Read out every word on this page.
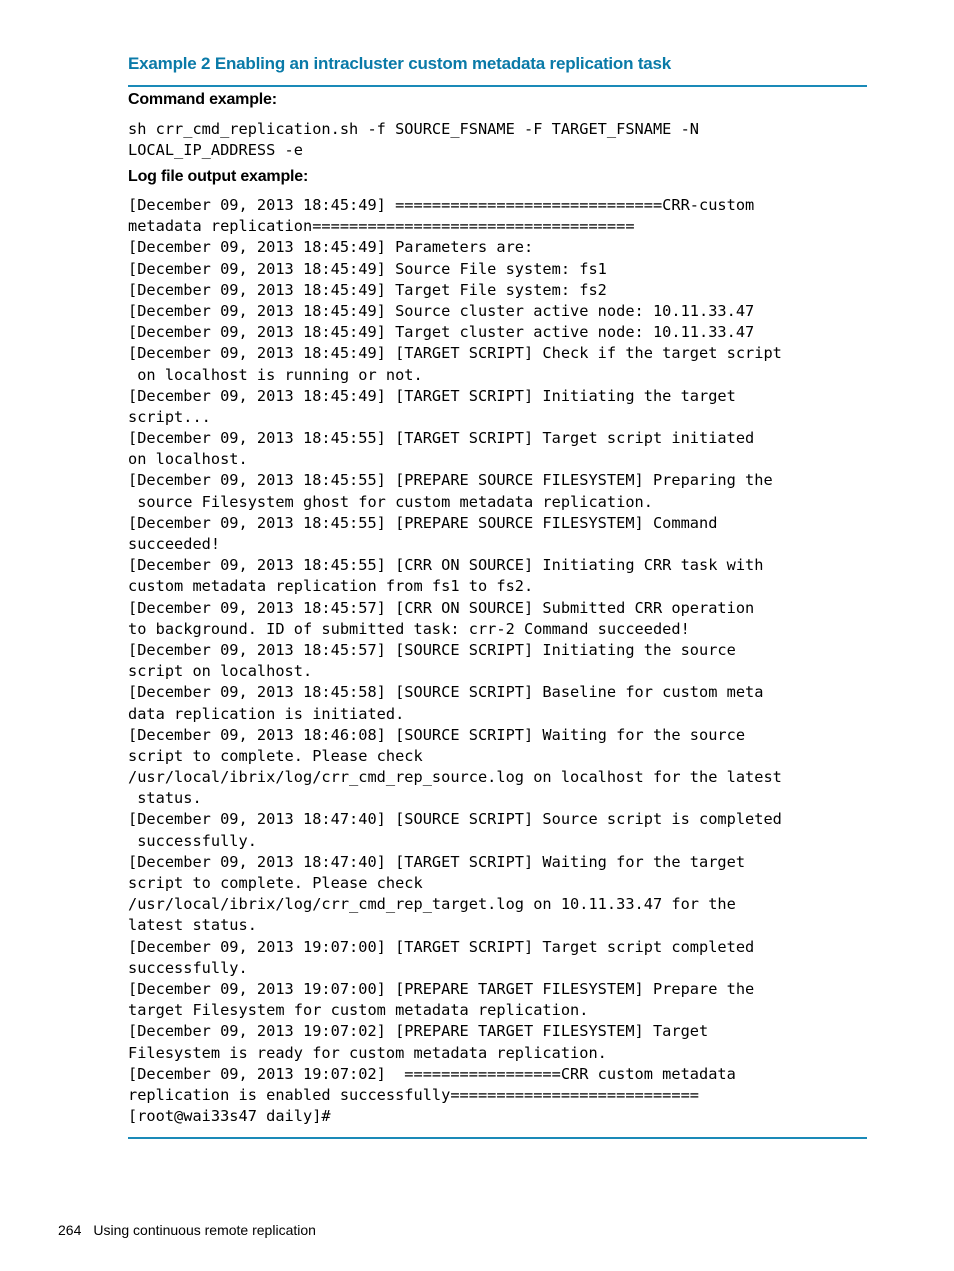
Example 2 Enabling an intracluster custom metadata replication task
Command example:
sh crr_cmd_replication.sh -f SOURCE_FSNAME -F TARGET_FSNAME -N
LOCAL_IP_ADDRESS -e
Log file output example:
[December 09, 2013 18:45:49] =============================CRR-custom
metadata replication===================================
[December 09, 2013 18:45:49] Parameters are:
[December 09, 2013 18:45:49] Source File system: fs1
[December 09, 2013 18:45:49] Target File system: fs2
[December 09, 2013 18:45:49] Source cluster active node: 10.11.33.47
[December 09, 2013 18:45:49] Target cluster active node: 10.11.33.47
[December 09, 2013 18:45:49] [TARGET SCRIPT] Check if the target script
on localhost is running or not.
[December 09, 2013 18:45:49] [TARGET SCRIPT] Initiating the target
script...
[December 09, 2013 18:45:55] [TARGET SCRIPT] Target script initiated
on localhost.
[December 09, 2013 18:45:55] [PREPARE SOURCE FILESYSTEM] Preparing the
source Filesystem ghost for custom metadata replication.
[December 09, 2013 18:45:55] [PREPARE SOURCE FILESYSTEM] Command
succeeded!
[December 09, 2013 18:45:55] [CRR ON SOURCE] Initiating CRR task with
custom metadata replication from fs1 to fs2.
[December 09, 2013 18:45:57] [CRR ON SOURCE] Submitted CRR operation
to background. ID of submitted task: crr-2 Command succeeded!
[December 09, 2013 18:45:57] [SOURCE SCRIPT] Initiating the source
script on localhost.
[December 09, 2013 18:45:58] [SOURCE SCRIPT] Baseline for custom meta
data replication is initiated.
[December 09, 2013 18:46:08] [SOURCE SCRIPT] Waiting for the source
script to complete. Please check
/usr/local/ibrix/log/crr_cmd_rep_source.log on localhost for the latest
status.
[December 09, 2013 18:47:40] [SOURCE SCRIPT] Source script is completed
successfully.
[December 09, 2013 18:47:40] [TARGET SCRIPT] Waiting for the target
script to complete. Please check
/usr/local/ibrix/log/crr_cmd_rep_target.log on 10.11.33.47 for the
latest status.
[December 09, 2013 19:07:00] [TARGET SCRIPT] Target script completed
successfully.
[December 09, 2013 19:07:00] [PREPARE TARGET FILESYSTEM] Prepare the
target Filesystem for custom metadata replication.
[December 09, 2013 19:07:02] [PREPARE TARGET FILESYSTEM] Target
Filesystem is ready for custom metadata replication.
[December 09, 2013 19:07:02]  =================CRR custom metadata
replication is enabled successfully===========================
[root@wai33s47 daily]#
264 Using continuous remote replication
